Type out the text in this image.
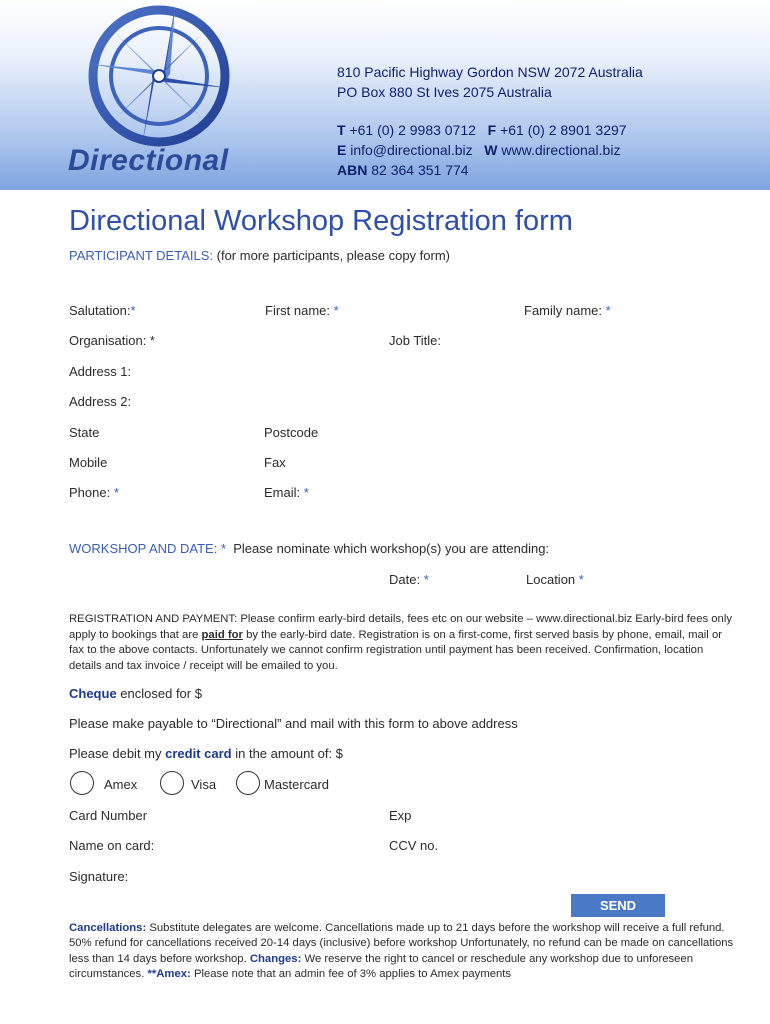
Directional
810 Pacific Highway Gordon NSW 2072 Australia
PO Box 880 St Ives 2075 Australia
T +61 (0) 2 9983 0712 F +61 (0) 2 8901 3297
E info@directional.biz W www.directional.biz
ABN 82 364 351 774
Directional Workshop Registration form
PARTICIPANT DETAILS: (for more participants, please copy form)
Salutation:*	First name: *	Family name: *
Organisation: *	Job Title:
Address 1:
Address 2:
State	Postcode
Mobile	Fax
Phone: *	Email: *
WORKSHOP AND DATE: * Please nominate which workshop(s) you are attending:
Date: *	Location *
REGISTRATION AND PAYMENT: Please confirm early-bird details, fees etc on our website – www.directional.biz Early-bird fees only apply to bookings that are paid for by the early-bird date. Registration is on a first-come, first served basis by phone, email, mail or fax to the above contacts. Unfortunately we cannot confirm registration until payment has been received. Confirmation, location details and tax invoice / receipt will be emailed to you.
Cheque enclosed for $
Please make payable to “Directional” and mail with this form to above address
Please debit my credit card in the amount of: $
Amex	Visa	Mastercard
Card Number	Exp
Name on card:	CCV no.
Signature:
SEND
Cancellations: Substitute delegates are welcome. Cancellations made up to 21 days before the workshop will receive a full refund. 50% refund for cancellations received 20-14 days (inclusive) before workshop Unfortunately, no refund can be made on cancellations less than 14 days before workshop. Changes: We reserve the right to cancel or reschedule any workshop due to unforeseen circumstances. **Amex: Please note that an admin fee of 3% applies to Amex payments
